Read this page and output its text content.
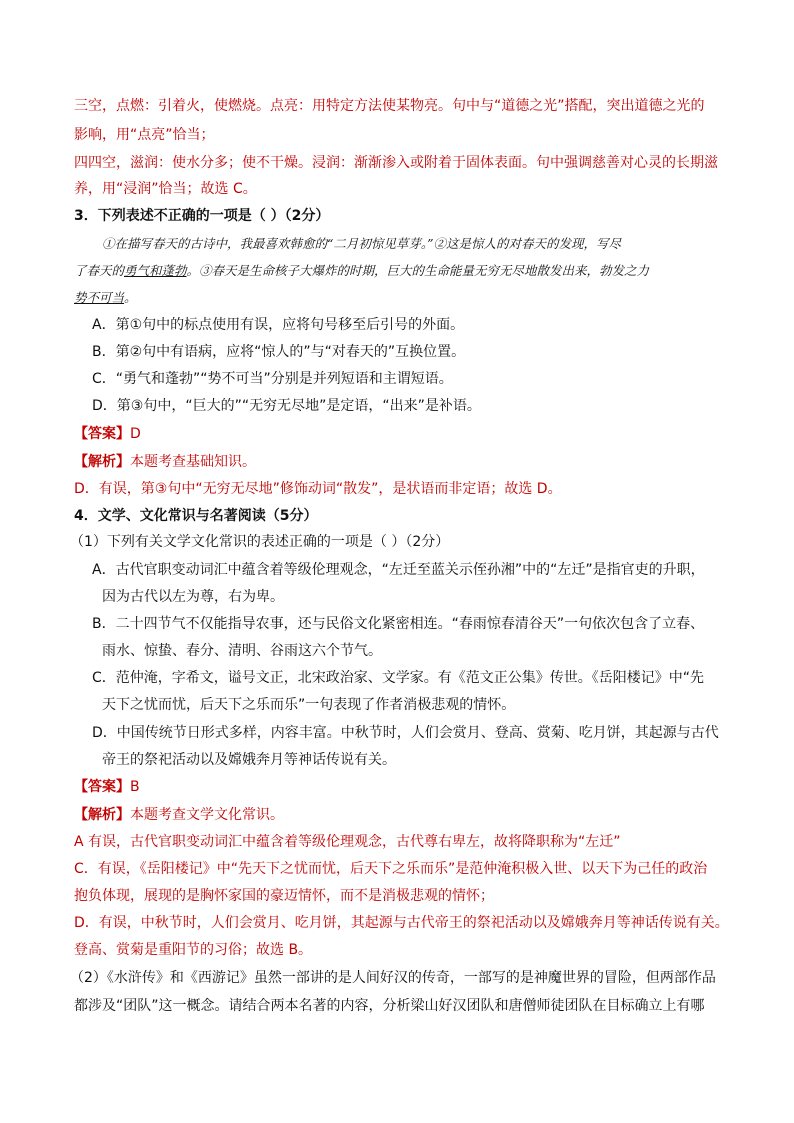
三空，点燃：引着火，使燃烧。点亮：用特定方法使某物亮。句中与“道德之光”搭配，突出道德之光的
影响，用“点亮”恰当；
四四空，滋润：使水分多；使不干燥。浸润：渐渐渗入或附着于固体表面。句中强调慈善对心灵的长期滋
养，用“浸润”恰当；故选 C。
3．下列表述不正确的一项是（ ）（2分）
①在描写春天的古诗中，我最喜欢韩愈的“二月初惊见草芽。”②这是惊人的对春天的发现，写尽
了春天的勇气和蓬勃。③春天是生命核子大爆炸的时期，巨大的生命能量无穷无尽地散发出来，勃发之力
势不可当。
A．第①句中的标点使用有误，应将句号移至后引号的外面。
B．第②句中有语病，应将“惊人的”与“对春天的”互换位置。
C．“勇气和蓬勃”“势不可当”分别是并列短语和主谓短语。
D．第③句中，“巨大的”“无穷无尽地”是定语，“出来”是补语。
【答案】D
【解析】本题考查基础知识。
D．有误，第③句中“无穷无尽地”修饰动词“散发”，是状语而非定语；故选 D。
4．文学、文化常识与名著阅读（5分）
（1）下列有关文学文化常识的表述正确的一项是（ ）（2分）
A．古代官职变动词汇中蕴含着等级伦理观念，“左迁至蓝关示侄孙湘”中的“左迁”是指官吏的升职，
因为古代以左为尊，右为卑。
B．二十四节气不仅能指导农事，还与民俗文化紧密相连。“春雨惊春清谷天”一句依次包含了立春、
雨水、惊蛰、春分、清明、谷雨这六个节气。
C．范仲淹，字希文，谥号文正，北宋政治家、文学家。有《范文正公集》传世。《岳阳楼记》中“先
天下之忧而忧，后天下之乐而乐”一句表现了作者消极悲观的情怀。
D．中国传统节日形式多样，内容丰富。中秋节时，人们会赏月、登高、赏菊、吃月饼，其起源与古代
帝王的祭祀活动以及嫦娥奔月等神话传说有关。
【答案】B
【解析】本题考查文学文化常识。
A 有误，古代官职变动词汇中蕴含着等级伦理观念，古代尊右卑左，故将降职称为“左迁”
C．有误，《岳阳楼记》中“先天下之忧而忧，后天下之乐而乐”是范仲淹积极入世、以天下为己任的政治
抱负体现，展现的是胸怀家国的豪迈情怀，而不是消极悲观的情怀；
D．有误，中秋节时，人们会赏月、吃月饼，其起源与古代帝王的祭祀活动以及嫦娥奔月等神话传说有关。
登高、赏菊是重阳节的习俗；故选 B。
（2）《水浒传》和《西游记》虽然一部讲的是人间好汉的传奇，一部写的是神魔世界的冒险，但两部作品
都涉及“团队”这一概念。请结合两本名著的内容，分析梁山好汉团队和唐僧师徒团队在目标确立上有哪
